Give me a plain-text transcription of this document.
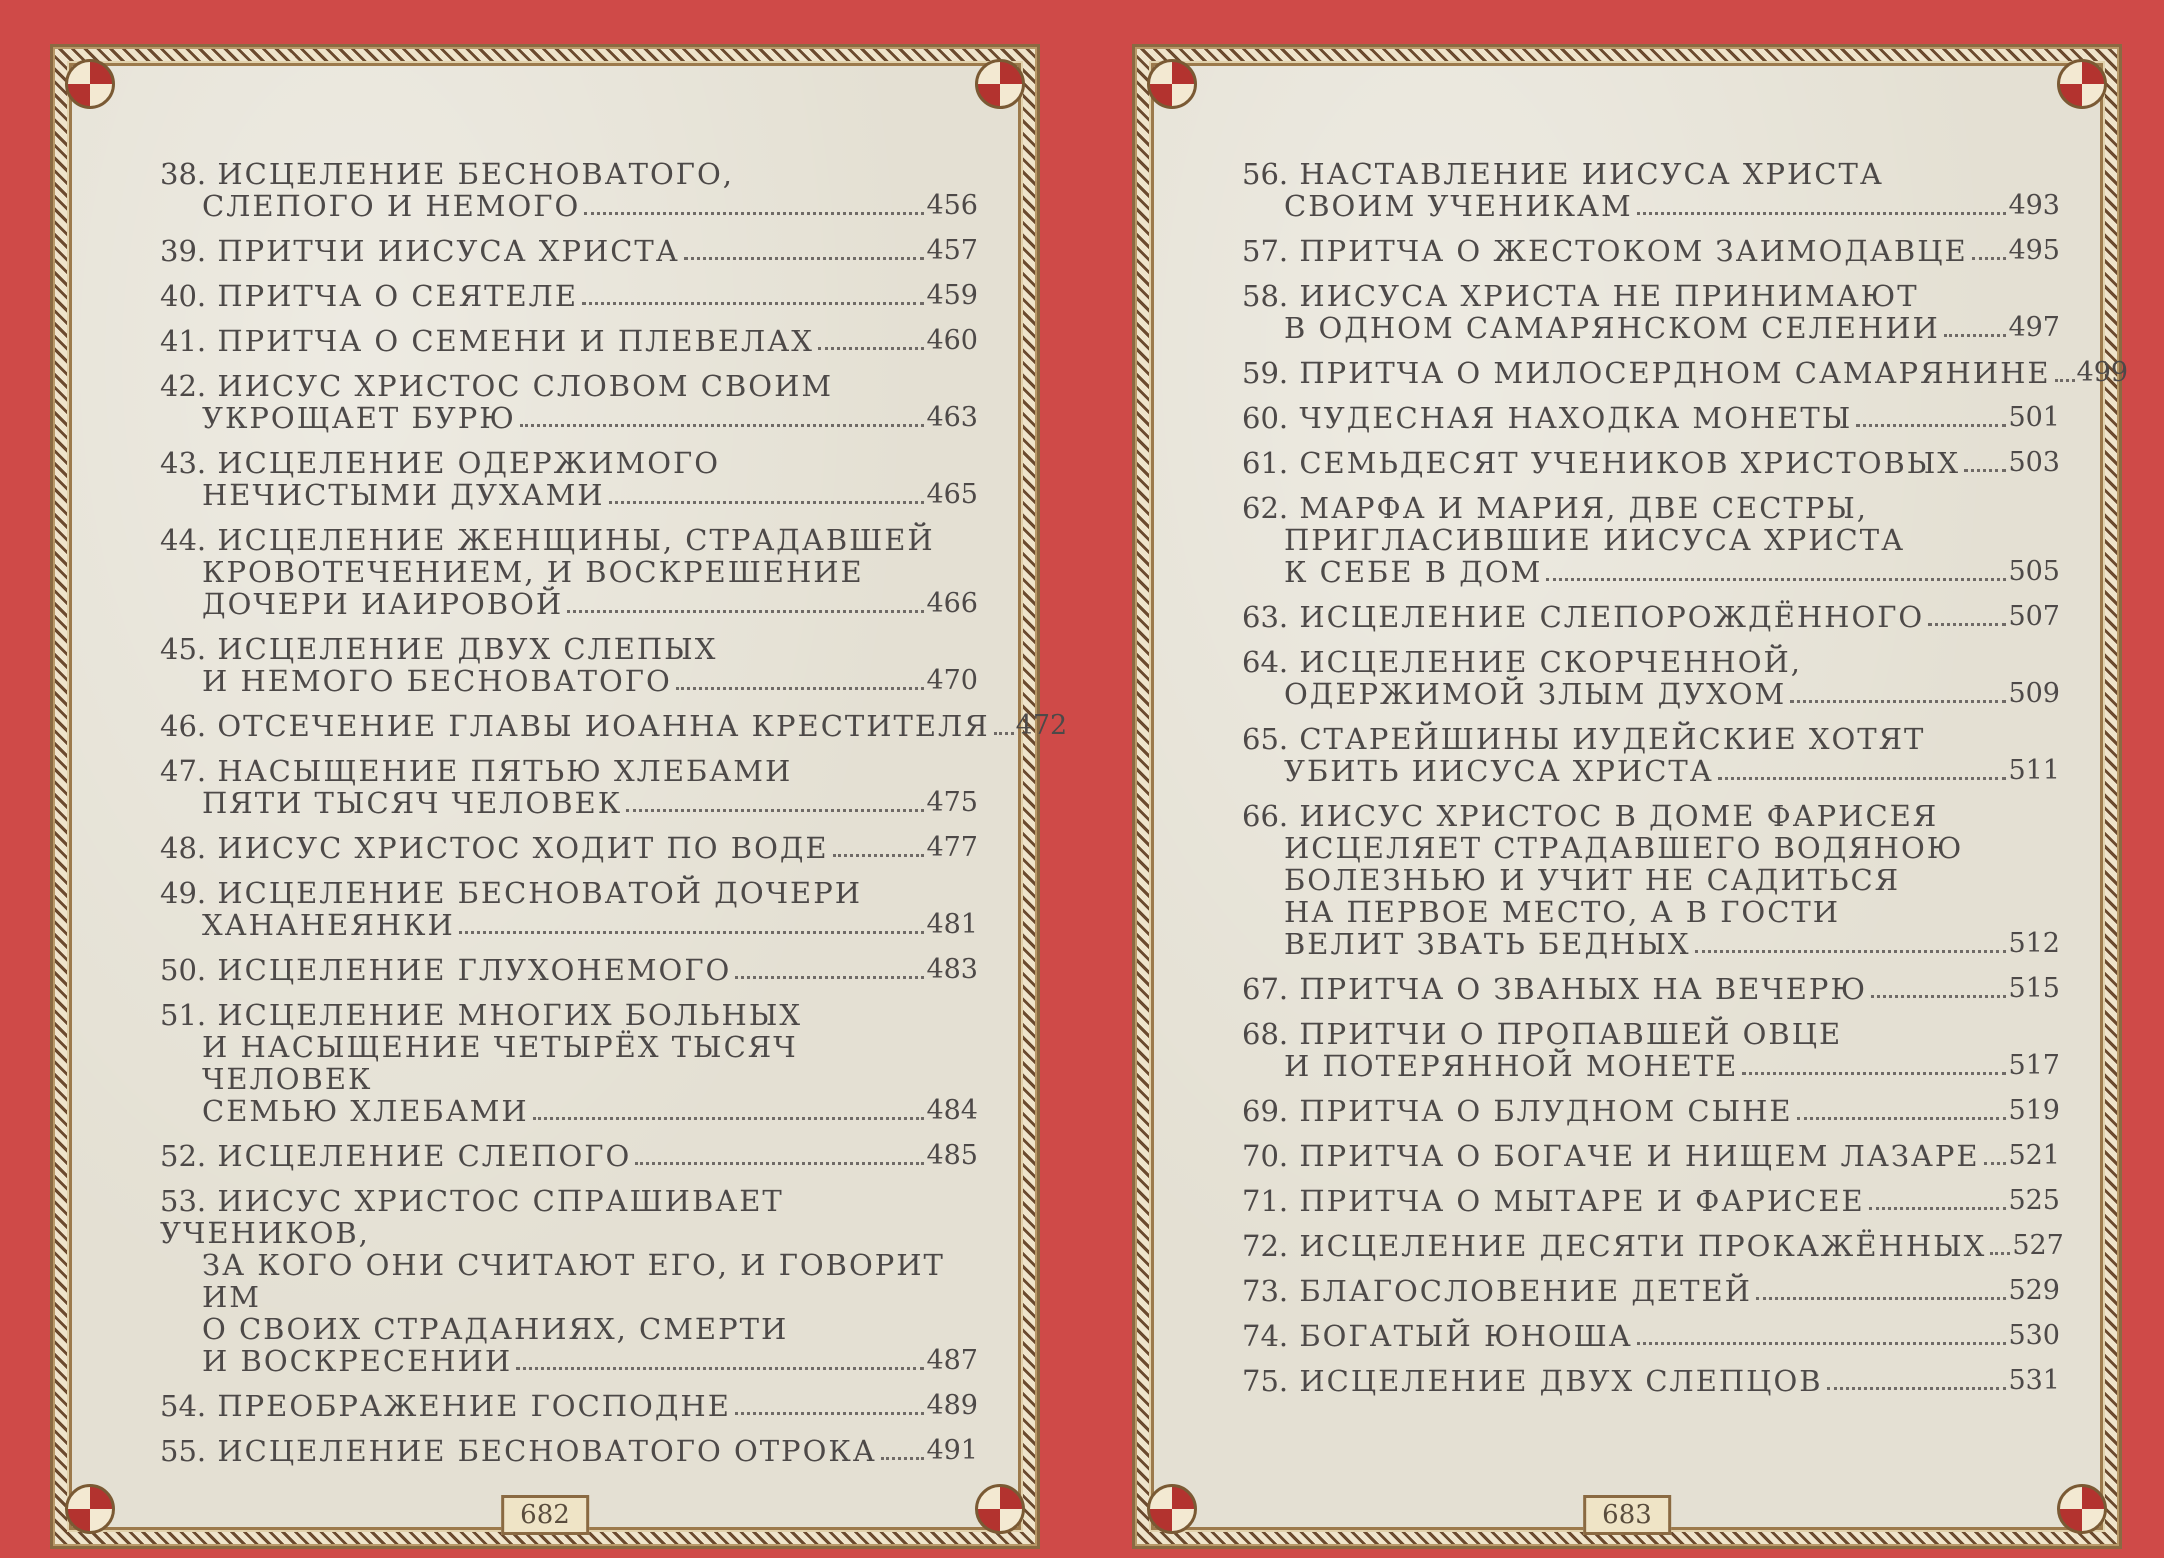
38. ИСЦЕЛЕНИЕ БЕСНОВАТОГО,
СЛЕПОГО И НЕМОГО	456
39. ПРИТЧИ ИИСУСА ХРИСТА	457
40. ПРИТЧА О СЕЯТЕЛЕ	459
41. ПРИТЧА О СЕМЕНИ И ПЛЕВЕЛАХ	460
42. ИИСУС ХРИСТОС СЛОВОМ СВОИМ
УКРОЩАЕТ БУРЮ	463
43. ИСЦЕЛЕНИЕ ОДЕРЖИМОГО
НЕЧИСТЫМИ ДУХАМИ	465
44. ИСЦЕЛЕНИЕ ЖЕНЩИНЫ, СТРАДАВШЕЙ
КРОВОТЕЧЕНИЕМ, И ВОСКРЕШЕНИЕ
ДОЧЕРИ ИАИРОВОЙ	466
45. ИСЦЕЛЕНИЕ ДВУХ СЛЕПЫХ
И НЕМОГО БЕСНОВАТОГО	470
46. ОТСЕЧЕНИЕ ГЛАВЫ ИОАННА КРЕСТИТЕЛЯ 472
47. НАСЫЩЕНИЕ ПЯТЬЮ ХЛЕБАМИ
ПЯТИ ТЫСЯЧ ЧЕЛОВЕК	475
48. ИИСУС ХРИСТОС ХОДИТ ПО ВОДЕ	477
49. ИСЦЕЛЕНИЕ БЕСНОВАТОЙ ДОЧЕРИ
ХАНАНЕЯНКИ	481
50. ИСЦЕЛЕНИЕ ГЛУХОНЕМОГО	483
51. ИСЦЕЛЕНИЕ МНОГИХ БОЛЬНЫХ
И НАСЫЩЕНИЕ ЧЕТЫРЁХ ТЫСЯЧ ЧЕЛОВЕК
СЕМЬЮ ХЛЕБАМИ	484
52. ИСЦЕЛЕНИЕ СЛЕПОГО	485
53. ИИСУС ХРИСТОС СПРАШИВАЕТ УЧЕНИКОВ,
ЗА КОГО ОНИ СЧИТАЮТ ЕГО, И ГОВОРИТ ИМ
О СВОИХ СТРАДАНИЯХ, СМЕРТИ
И ВОСКРЕСЕНИИ	487
54. ПРЕОБРАЖЕНИЕ ГОСПОДНЕ	489
55. ИСЦЕЛЕНИЕ БЕСНОВАТОГО ОТРОКА 491
682
56. НАСТАВЛЕНИЕ ИИСУСА ХРИСТА
СВОИМ УЧЕНИКАМ	493
57. ПРИТЧА О ЖЕСТОКОМ ЗАИМОДАВЦЕ 495
58. ИИСУСА ХРИСТА НЕ ПРИНИМАЮТ
В ОДНОМ САМАРЯНСКОМ СЕЛЕНИИ	497
59. ПРИТЧА О МИЛОСЕРДНОМ САМАРЯНИНЕ 499
60. ЧУДЕСНАЯ НАХОДКА МОНЕТЫ	501
61. СЕМЬДЕСЯТ УЧЕНИКОВ ХРИСТОВЫХ 503
62. МАРФА И МАРИЯ, ДВЕ СЕСТРЫ,
ПРИГЛАСИВШИЕ ИИСУСА ХРИСТА
К СЕБЕ В ДОМ	505
63. ИСЦЕЛЕНИЕ СЛЕПОРОЖДЁННОГО	507
64. ИСЦЕЛЕНИЕ СКОРЧЕННОЙ,
ОДЕРЖИМОЙ ЗЛЫМ ДУХОМ	509
65. СТАРЕЙШИНЫ ИУДЕЙСКИЕ ХОТЯТ
УБИТЬ ИИСУСА ХРИСТА	511
66. ИИСУС ХРИСТОС В ДОМЕ ФАРИСЕЯ
ИСЦЕЛЯЕТ СТРАДАВШЕГО ВОДЯНОЮ
БОЛЕЗНЬЮ И УЧИТ НЕ САДИТЬСЯ
НА ПЕРВОЕ МЕСТО, А В ГОСТИ
ВЕЛИТ ЗВАТЬ БЕДНЫХ	512
67. ПРИТЧА О ЗВАНЫХ НА ВЕЧЕРЮ	515
68. ПРИТЧИ О ПРОПАВШЕЙ ОВЦЕ
И ПОТЕРЯННОЙ МОНЕТЕ	517
69. ПРИТЧА О БЛУДНОМ СЫНЕ	519
70. ПРИТЧА О БОГАЧЕ И НИЩЕМ ЛАЗАРЕ 521
71. ПРИТЧА О МЫТАРЕ И ФАРИСЕЕ	525
72. ИСЦЕЛЕНИЕ ДЕСЯТИ ПРОКАЖЁННЫХ 527
73. БЛАГОСЛОВЕНИЕ ДЕТЕЙ	529
74. БОГАТЫЙ ЮНОША	530
75. ИСЦЕЛЕНИЕ ДВУХ СЛЕПЦОВ	531
683
